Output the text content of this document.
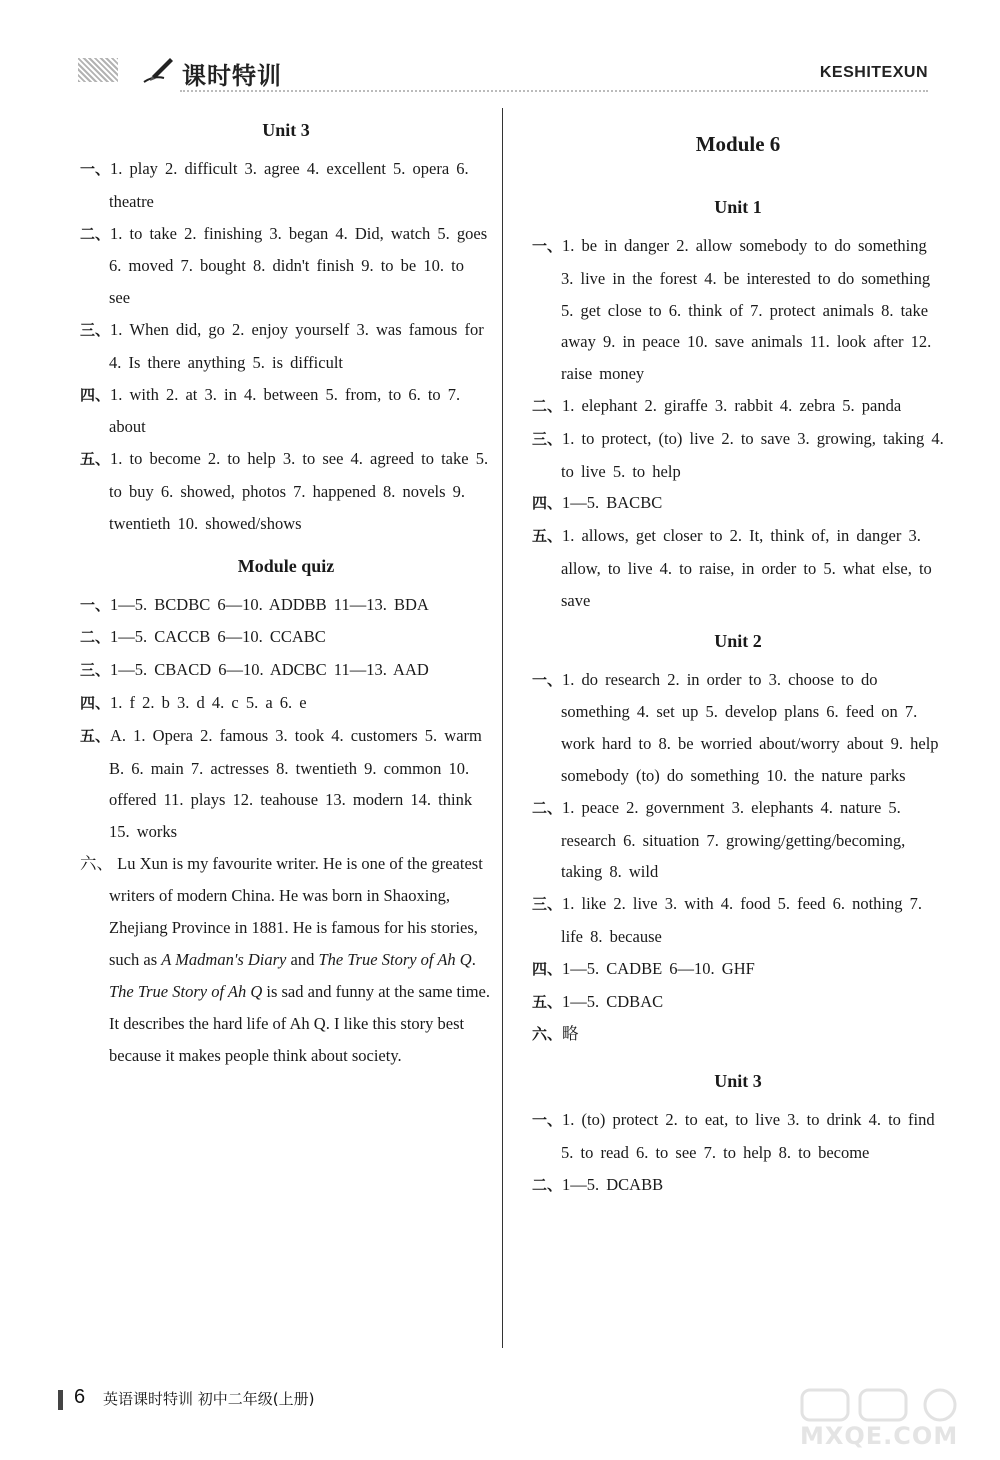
课时特训	KESHITEXUN
Unit 3

一、1. play 2. difficult 3. agree 4. excellent 5. opera 6. theatre

二、1. to take 2. finishing 3. began 4. Did, watch 5. goes 6. moved 7. bought 8. didn't finish 9. to be 10. to see

三、1. When did, go 2. enjoy yourself 3. was famous for 4. Is there anything 5. is difficult

四、1. with 2. at 3. in 4. between 5. from, to 6. to 7. about

五、1. to become 2. to help 3. to see 4. agreed to take 5. to buy 6. showed, photos 7. happened 8. novels 9. twentieth 10. showed/shows

Module quiz

一、1—5. BCDBC 6—10. ADDBB 11—13. BDA

二、1—5. CACCB 6—10. CCABC

三、1—5. CBACD 6—10. ADCBC 11—13. AAD

四、1. f 2. b 3. d 4. c 5. a 6. e

五、A. 1. Opera 2. famous 3. took 4. customers 5. warm

B. 6. main 7. actresses 8. twentieth 9. common 10. offered 11. plays 12. teahouse 13. modern 14. think 15. works

六、 Lu Xun is my favourite writer. He is one of the greatest writers of modern China. He was born in Shaoxing, Zhejiang Province in 1881. He is famous for his stories, such as A Madman's Diary and The True Story of Ah Q. The True Story of Ah Q is sad and funny at the same time. It describes the hard life of Ah Q. I like this story best because it makes people think about society.

Module 6
Unit 1

一、1. be in danger 2. allow somebody to do something 3. live in the forest 4. be interested to do something 5. get close to 6. think of 7. protect animals 8. take away 9. in peace 10. save animals 11. look after 12. raise money

二、1. elephant 2. giraffe 3. rabbit 4. zebra 5. panda

三、1. to protect, (to) live 2. to save 3. growing, taking 4. to live 5. to help

四、1—5. BACBC

五、1. allows, get closer to 2. It, think of, in danger 3. allow, to live 4. to raise, in order to 5. what else, to save

Unit 2

一、1. do research 2. in order to 3. choose to do something 4. set up 5. develop plans 6. feed on 7. work hard to 8. be worried about/worry about 9. help somebody (to) do something 10. the nature parks

二、1. peace 2. government 3. elephants 4. nature 5. research 6. situation 7. growing/getting/becoming, taking 8. wild

三、1. like 2. live 3. with 4. food 5. feed 6. nothing 7. life 8. because

四、1—5. CADBE 6—10. GHF

五、1—5. CDBAC

六、略

Unit 3

一、1. (to) protect 2. to eat, to live 3. to drink 4. to find 5. to read 6. to see 7. to help 8. to become

二、1—5. DCABB

6 英语课时特训 初中二年级(上册)
MXQE.COM
